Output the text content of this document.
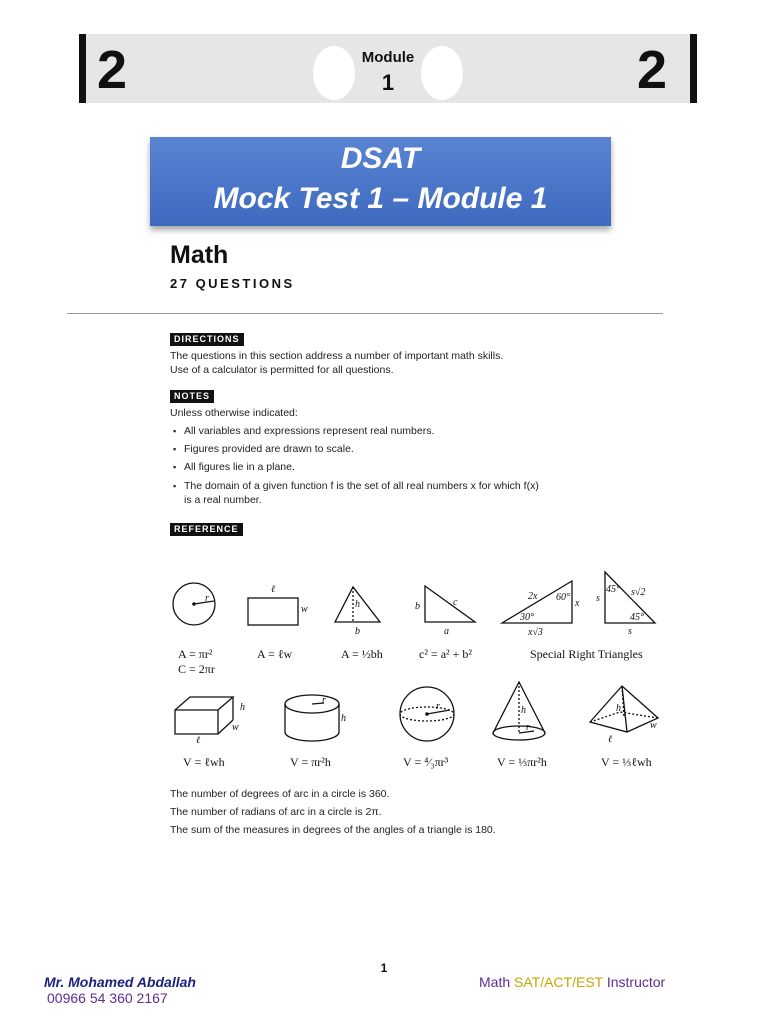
2	2
Module
1
DSAT
Mock Test 1 – Module 1
Math
27 QUESTIONS
DIRECTIONS
The questions in this section address a number of important math skills.
Use of a calculator is permitted for all questions.
NOTES
Unless otherwise indicated:
▪ All variables and expressions represent real numbers.
▪ Figures provided are drawn to scale.
▪ All figures lie in a plane.
▪ The domain of a given function f is the set of all real numbers x for which f(x)
is a real number.
REFERENCE
r
ℓ
w	h
b
b	c
a
2x 60°
x
30°
x√3
s
45° s√2
45°
s
h
w
ℓ
r
h
r	h
r
h
w
ℓ
A = πr²
C = 2πr
A = ℓw	A = ½bh	c² = a² + b²	Special Right Triangles
V = ℓwh	V = πr²h	V = ⁴⁄₃πr³	V = ⅓πr²h	V = ⅓ℓwh
The number of degrees of arc in a circle is 360.
The number of radians of arc in a circle is 2π.
The sum of the measures in degrees of the angles of a triangle is 180.
1
Mr. Mohamed Abdallah
00966 54 360 2167
Math SAT/ACT/EST Instructor
